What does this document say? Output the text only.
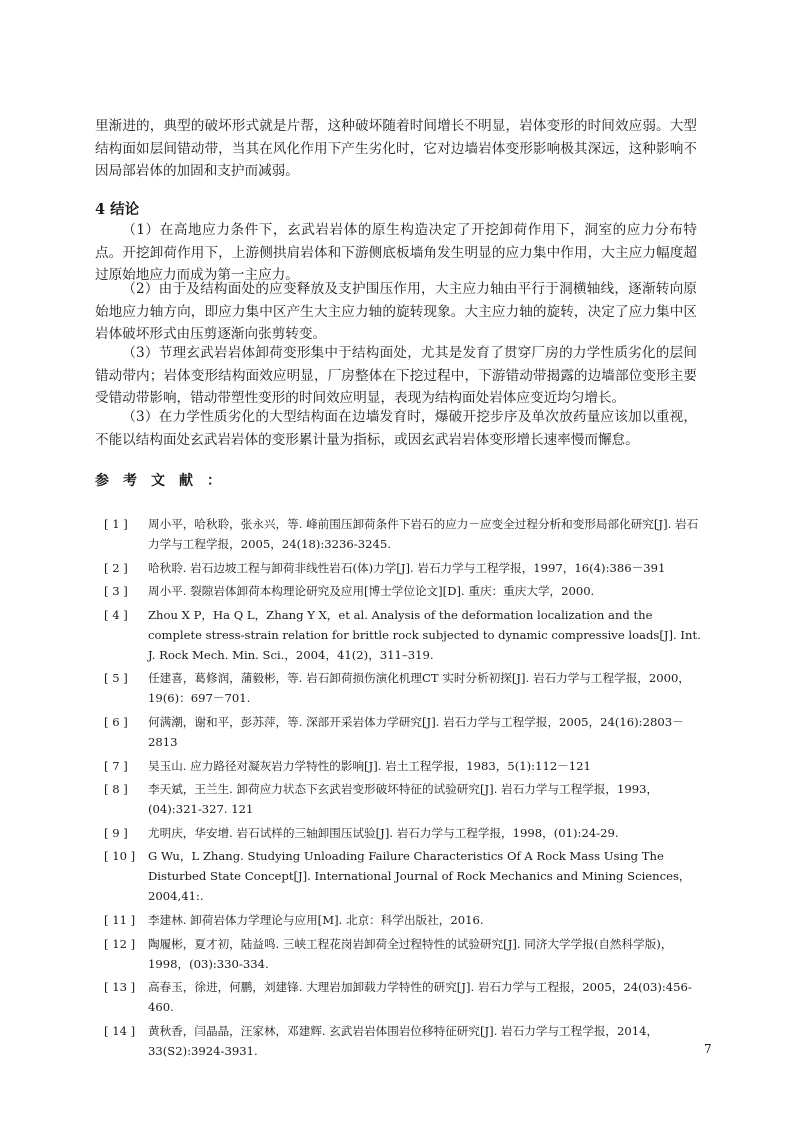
里渐进的，典型的破坏形式就是片帮，这种破坏随着时间增长不明显，岩体变形的时间效应弱。大型结构面如层间错动带，当其在风化作用下产生劣化时，它对边墙岩体变形影响极其深远，这种影响不因局部岩体的加固和支护而减弱。

4 结论

（1）在高地应力条件下，玄武岩岩体的原生构造决定了开挖卸荷作用下，洞室的应力分布特点。开挖卸荷作用下，上游侧拱肩岩体和下游侧底板墙角发生明显的应力集中作用，大主应力幅度超过原始地应力而成为第一主应力。

（2）由于及结构面处的应变释放及支护围压作用，大主应力轴由平行于洞横轴线，逐渐转向原始地应力轴方向，即应力集中区产生大主应力轴的旋转现象。大主应力轴的旋转，决定了应力集中区岩体破坏形式由压剪逐渐向张剪转变。

（3）节理玄武岩岩体卸荷变形集中于结构面处，尤其是发育了贯穿厂房的力学性质劣化的层间错动带内；岩体变形结构面效应明显，厂房整体在下挖过程中，下游错动带揭露的边墙部位变形主要受错动带影响，错动带塑性变形的时间效应明显，表现为结构面处岩体应变近均匀增长。

（3）在力学性质劣化的大型结构面在边墙发育时，爆破开挖步序及单次放药量应该加以重视，不能以结构面处玄武岩岩体的变形累计量为指标，或因玄武岩岩体变形增长速率慢而懈怠。

参考文献：
[ 1 ]	周小平，哈秋聆，张永兴，等. 峰前围压卸荷条件下岩石的应力－应变全过程分析和变形局部化研究[J]. 岩石力学与工程学报，2005，24(18):3236-3245.
[ 2 ]	哈秋聆. 岩石边坡工程与卸荷非线性岩石(体)力学[J]. 岩石力学与工程学报，1997，16(4):386－391
[ 3 ]	周小平. 裂隙岩体卸荷本构理论研究及应用[博士学位论文][D]. 重庆：重庆大学，2000.
[ 4 ]	Zhou X P，Ha Q L，Zhang Y X，et al. Analysis of the deformation localization and the complete stress-strain relation for brittle rock subjected to dynamic compressive loads[J]. Int. J. Rock Mech. Min. Sci.，2004，41(2)，311–319.
[ 5 ]	任建喜，葛修润，蒲毅彬，等. 岩石卸荷损伤演化机理CT 实时分析初探[J]. 岩石力学与工程学报，2000，19(6)：697－701.
[ 6 ]	何满潮，谢和平，彭苏萍，等. 深部开采岩体力学研究[J]. 岩石力学与工程学报，2005，24(16):2803－2813
[ 7 ]	吴玉山. 应力路径对凝灰岩力学特性的影响[J]. 岩土工程学报，1983，5(1):112－121
[ 8 ]	李天斌，王兰生. 卸荷应力状态下玄武岩变形破坏特征的试验研究[J]. 岩石力学与工程学报，1993，(04):321-327. 121
[ 9 ]	尤明庆，华安增. 岩石试样的三轴卸围压试验[J]. 岩石力学与工程学报，1998，(01):24-29.
[ 10 ]	G Wu，L Zhang. Studying Unloading Failure Characteristics Of A Rock Mass Using The Disturbed State Concept[J]. International Journal of Rock Mechanics and Mining Sciences，2004,41:.
[ 11 ]	李建林. 卸荷岩体力学理论与应用[M]. 北京：科学出版社，2016.
[ 12 ]	陶履彬，夏才初，陆益鸣. 三峡工程花岗岩卸荷全过程特性的试验研究[J]. 同济大学学报(自然科学版)，1998，(03):330-334.
[ 13 ]	高春玉，徐进，何鹏，刘建锋. 大理岩加卸载力学特性的研究[J]. 岩石力学与工程报，2005，24(03):456-460.
[ 14 ]	黄秋香，闫晶晶，汪家林，邓建辉. 玄武岩岩体围岩位移特征研究[J]. 岩石力学与工程学报，2014，33(S2):3924-3931.	7
